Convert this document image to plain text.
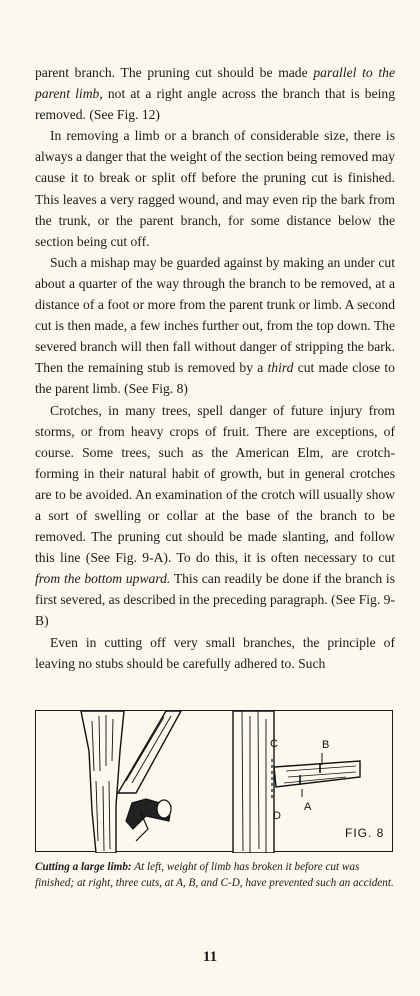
parent branch. The pruning cut should be made parallel to the parent limb, not at a right angle across the branch that is being removed. (See Fig. 12)

In removing a limb or a branch of considerable size, there is always a danger that the weight of the section being removed may cause it to break or split off before the pruning cut is finished. This leaves a very ragged wound, and may even rip the bark from the trunk, or the parent branch, for some distance below the section being cut off.

Such a mishap may be guarded against by making an under cut about a quarter of the way through the branch to be removed, at a distance of a foot or more from the parent trunk or limb. A second cut is then made, a few inches further out, from the top down. The severed branch will then fall without danger of stripping the bark. Then the remaining stub is removed by a third cut made close to the parent limb. (See Fig. 8)

Crotches, in many trees, spell danger of future injury from storms, or from heavy crops of fruit. There are exceptions, of course. Some trees, such as the American Elm, are crotch-forming in their natural habit of growth, but in general crotches are to be avoided. An examination of the crotch will usually show a sort of swelling or collar at the base of the branch to be removed. The pruning cut should be made slanting, and follow this line (See Fig. 9-A). To do this, it is often necessary to cut from the bottom upward. This can readily be done if the branch is first severed, as described in the preceding paragraph. (See Fig. 9-B)

Even in cutting off very small branches, the principle of leaving no stubs should be carefully adhered to. Such

C	B
A
D
FIG. 8
Cutting a large limb: At left, weight of limb has broken it before cut was finished; at right, three cuts, at A, B, and C-D, have prevented such an accident.
11
